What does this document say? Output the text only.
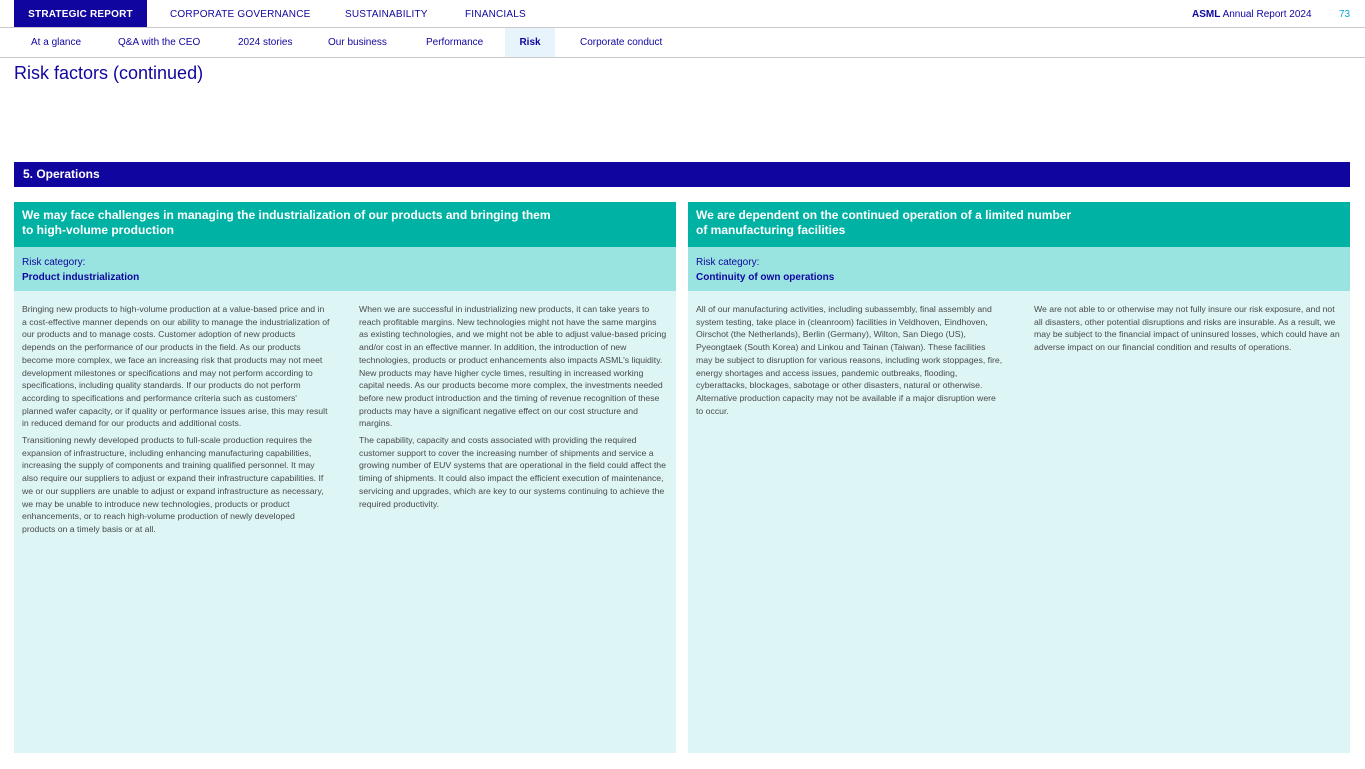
STRATEGIC REPORT	CORPORATE GOVERNANCE	SUSTAINABILITY	FINANCIALS	ASML Annual Report 2024	73
At a glance	Q&A with the CEO	2024 stories	Our business	Performance	Risk	Corporate conduct
Risk factors (continued)
5. Operations
We may face challenges in managing the industrialization of our products and bringing them
to high-volume production
Risk category:
Product industrialization

Bringing new products to high-volume production at a value-based price and in a cost-effective manner depends on our ability to manage the industrialization of our products and to manage costs. Customer adoption of new products depends on the performance of our products in the field. As our products become more complex, we face an increasing risk that products may not meet development milestones or specifications and may not perform according to specifications, including quality standards. If our products do not perform according to specifications and performance criteria such as customers' planned wafer capacity, or if quality or performance issues arise, this may result in reduced demand for our products and additional costs.

Transitioning newly developed products to full-scale production requires the expansion of infrastructure, including enhancing manufacturing capabilities, increasing the supply of components and training qualified personnel. It may also require our suppliers to adjust or expand their infrastructure capabilities. If we or our suppliers are unable to adjust or expand infrastructure as necessary, we may be unable to introduce new technologies, products or product enhancements, or to reach high-volume production of newly developed products on a timely basis or at all.

When we are successful in industrializing new products, it can take years to reach profitable margins. New technologies might not have the same margins as existing technologies, and we might not be able to adjust value-based pricing and/or cost in an effective manner. In addition, the introduction of new technologies, products or product enhancements also impacts ASML's liquidity. New products may have higher cycle times, resulting in increased working capital needs. As our products become more complex, the investments needed before new product introduction and the timing of revenue recognition of these products may have a significant negative effect on our cost structure and margins.

The capability, capacity and costs associated with providing the required customer support to cover the increasing number of shipments and service a growing number of EUV systems that are operational in the field could affect the timing of shipments. It could also impact the efficient execution of maintenance, servicing and upgrades, which are key to our systems continuing to achieve the required productivity.

We are dependent on the continued operation of a limited number
of manufacturing facilities
Risk category:
Continuity of own operations

All of our manufacturing activities, including subassembly, final assembly and system testing, take place in (cleanroom) facilities in Veldhoven, Eindhoven, Oirschot (the Netherlands), Berlin (Germany), Wilton, San Diego (US), Pyeongtaek (South Korea) and Linkou and Tainan (Taiwan). These facilities may be subject to disruption for various reasons, including work stoppages, fire, energy shortages and access issues, pandemic outbreaks, flooding, cyberattacks, blockages, sabotage or other disasters, natural or otherwise. Alternative production capacity may not be available if a major disruption were to occur.

We are not able to or otherwise may not fully insure our risk exposure, and not all disasters, other potential disruptions and risks are insurable. As a result, we may be subject to the financial impact of uninsured losses, which could have an adverse impact on our financial condition and results of operations.
